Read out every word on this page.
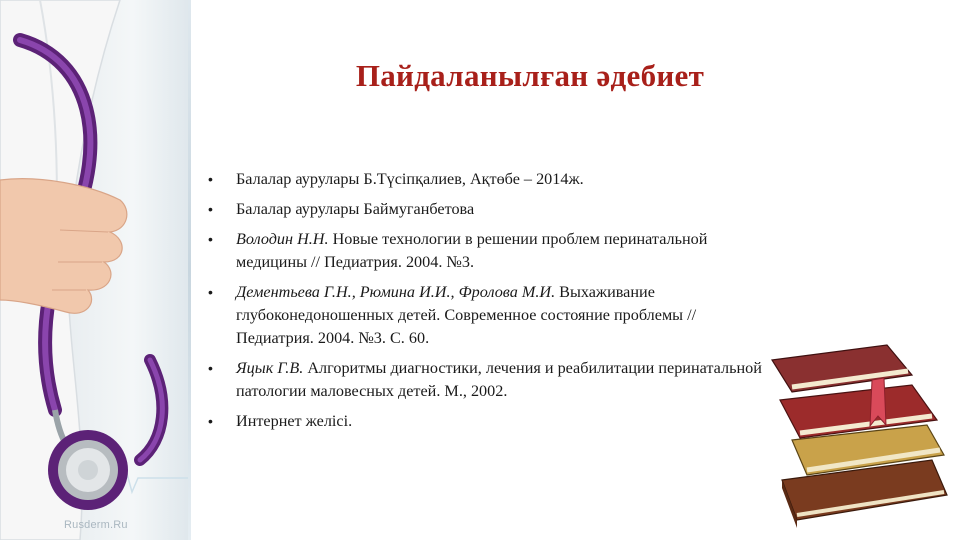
Rusderm.Ru
Пайдаланылған әдебиет
• Балалар аурулары Б.Түсіпқалиев, Ақтөбе – 2014ж.
• Балалар аурулары Баймуганбетова
• Володин Н.Н. Новые технологии в решении проблем перинатальной медицины // Педиатрия. 2004. №3.
• Дементьева Г.Н., Рюмина И.И., Фролова М.И. Выхаживание глубоконедоношенных детей. Современное состояние проблемы // Педиатрия. 2004. №3. С. 60.
• Яцык Г.В. Алгоритмы диагностики, лечения и реабилитации перинатальной патологии маловесных детей. М., 2002.
• Интернет желісі.
